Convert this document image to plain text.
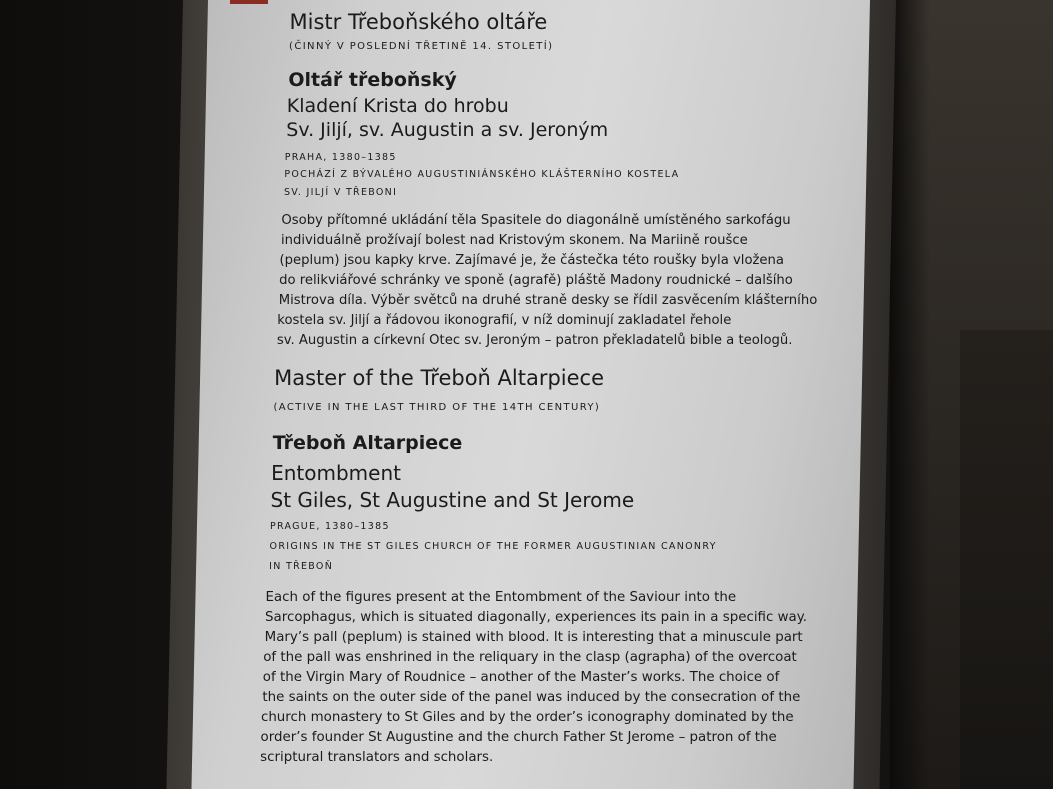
Mistr Třeboňského oltáře
(ČINNÝ V POSLEDNÍ TŘETINĚ 14. STOLETÍ)
Oltář třeboňský
Kladení Krista do hrobu
Sv. Jiljí, sv. Augustin a sv. Jeroným
PRAHA, 1380–1385
POCHÁZÍ Z BÝVALÉHO AUGUSTINIÁNSKÉHO KLÁŠTERNÍHO KOSTELA
SV. JILJÍ V TŘEBONI
Osoby přítomné ukládání těla Spasitele do diagonálně umístěného sarkofágu
individuálně prožívají bolest nad Kristovým skonem. Na Mariině roušce
(peplum) jsou kapky krve. Zajímavé je, že částečka této roušky byla vložena
do relikviářové schránky ve sponě (agrafě) pláště Madony roudnické – dalšího
Mistrova díla. Výběr světců na druhé straně desky se řídil zasvěcením klášterního
kostela sv. Jiljí a řádovou ikonografií, v níž dominují zakladatel řehole
sv. Augustin a církevní Otec sv. Jeroným – patron překladatelů bible a teologů.
Master of the Třeboň Altarpiece
(ACTIVE IN THE LAST THIRD OF THE 14TH CENTURY)
Třeboň Altarpiece
Entombment
St Giles, St Augustine and St Jerome
PRAGUE, 1380–1385
ORIGINS IN THE ST GILES CHURCH OF THE FORMER AUGUSTINIAN CANONRY
IN TŘEBOŇ
Each of the figures present at the Entombment of the Saviour into the
Sarcophagus, which is situated diagonally, experiences its pain in a specific way.
Mary’s pall (peplum) is stained with blood. It is interesting that a minuscule part
of the pall was enshrined in the reliquary in the clasp (agrapha) of the overcoat
of the Virgin Mary of Roudnice – another of the Master’s works. The choice of
the saints on the outer side of the panel was induced by the consecration of the
church monastery to St Giles and by the order’s iconography dominated by the
order’s founder St Augustine and the church Father St Jerome – patron of the
scriptural translators and scholars.
